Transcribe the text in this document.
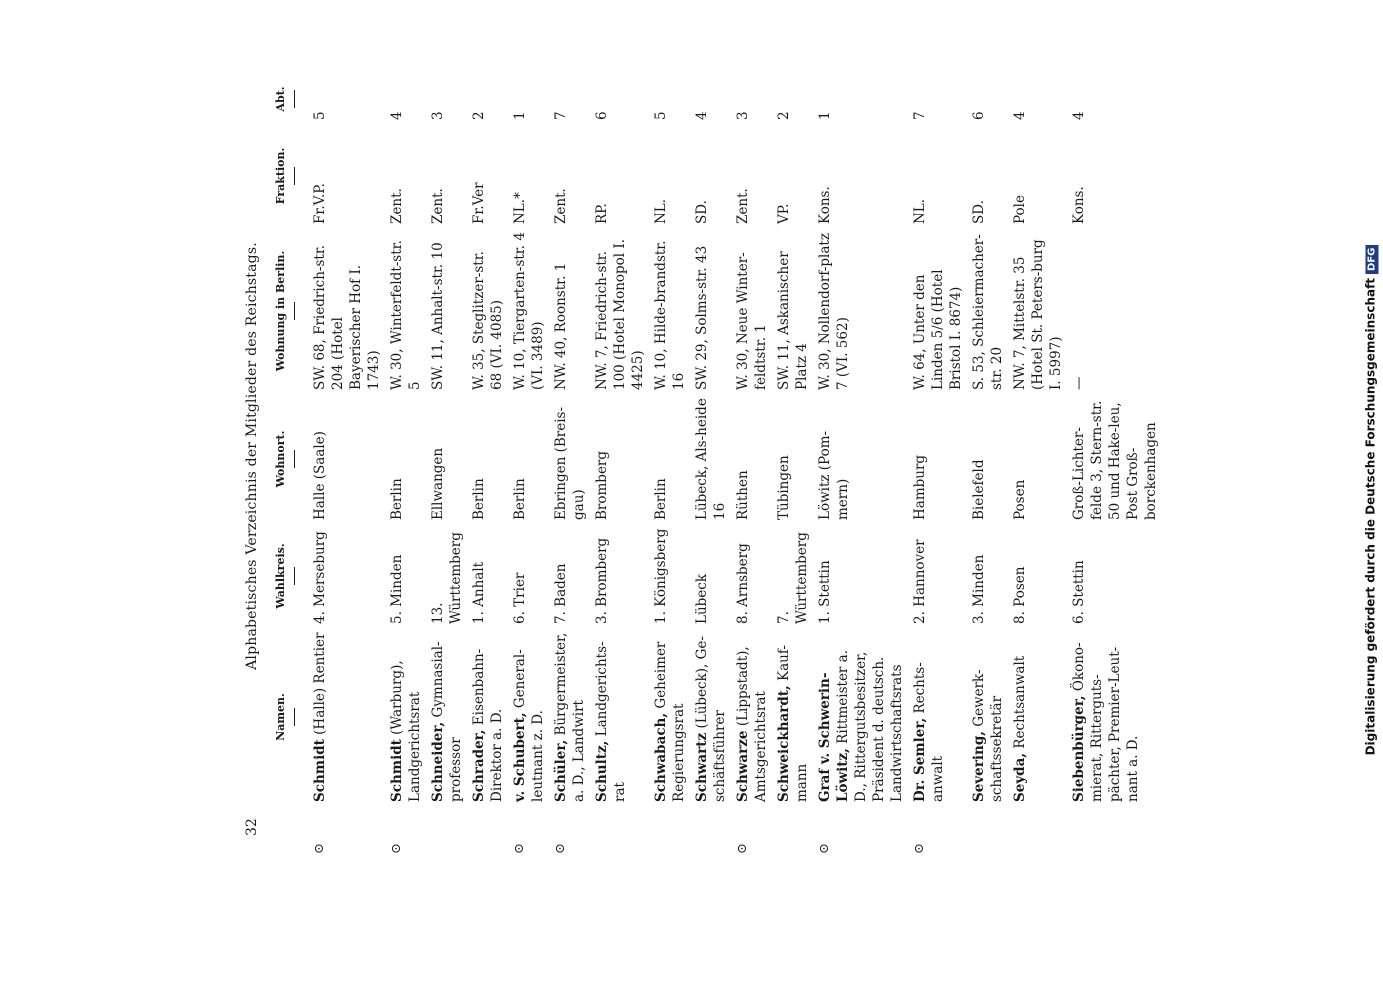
32
Alphabetisches Verzeichnis der Mitglieder des Reichstags.
Namen.
Wahlkreis.
Wohnort.
Wohnung in Berlin.
Fraktion.
Abt.
⊙
Schmidt (Halle) Rentier
4. Merseburg
Halle (Saale)
SW. 68, Friedrich-str. 204 (Hotel Bayerischer Hof I. 1743)
Fr.V.P.
5
⊙
Schmidt (Warburg), Landgerichtsrat
5. Minden
Berlin
W. 30, Winterfeldt-str. 5
Zent.
4
Schneider, Gymnasial-professor
13. Württemberg
Ellwangen
SW. 11, Anhalt-str. 10
Zent.
3
Schrader, Eisenbahn-Direktor a. D.
1. Anhalt
Berlin
W. 35, Steglitzer-str. 68 (VI. 4085)
Fr.Ver
2
⊙
v. Schubert, General-leutnant z. D.
6. Trier
Berlin
W. 10, Tiergarten-str. 4 (VI. 3489)
NL.*
1
⊙
Schüler, Bürgermeister, a. D., Landwirt
7. Baden
Ebringen (Breis-gau)
NW. 40, Roonstr. 1
Zent.
7
Schultz, Landgerichts-rat
3. Bromberg
Bromberg
NW. 7, Friedrich-str. 100 (Hotel Monopol I. 4425)
RP.
6
Schwabach, Geheimer Regierungsrat
1. Königsberg
Berlin
W. 10, Hilde-brandstr. 16
NL.
5
Schwartz (Lübeck), Ge-schäftsführer
Lübeck
Lübeck, Als-heide 16
SW. 29, Solms-str. 43
SD.
4
⊙
Schwarze (Lippstadt), Amtsgerichtsrat
8. Arnsberg
Rüthen
W. 30, Neue Winter-feldtstr. 1
Zent.
3
Schweickhardt, Kauf-mann
7. Württemberg
Tübingen
SW. 11, Askanischer Platz 4
VP.
2
⊙
Graf v. Schwerin-Löwitz, Rittmeister a. D., Rittergutsbesitzer, Präsident d. deutsch. Landwirtschaftsrats
1. Stettin
Löwitz (Pom-mern)
W. 30, Nollendorf-platz 7 (VI. 562)
Kons.
1
⊙
Dr. Semler, Rechts-anwalt
2. Hannover
Hamburg
W. 64, Unter den Linden 5/6 (Hotel Bristol I. 8674)
NL.
7
Severing, Gewerk-schaftssekretär
3. Minden
Bielefeld
S. 53, Schleiermacher-str. 20
SD.
6
Seyda, Rechtsanwalt
8. Posen
Posen
NW. 7, Mittelstr. 35 (Hotel St. Peters-burg I. 5997)
Pole
4
Siebenbürger, Ökono-mierat, Ritterguts-pächter, Premier-Leut-nant a. D.
6. Stettin
Groß-Lichter-felde 3, Stern-str. 50 und Hake-leu, Post Groß-borckenhagen
—
Kons.
4
Digitalisierung gefördert durch die Deutsche ForschungsgemeinschaftDFG
